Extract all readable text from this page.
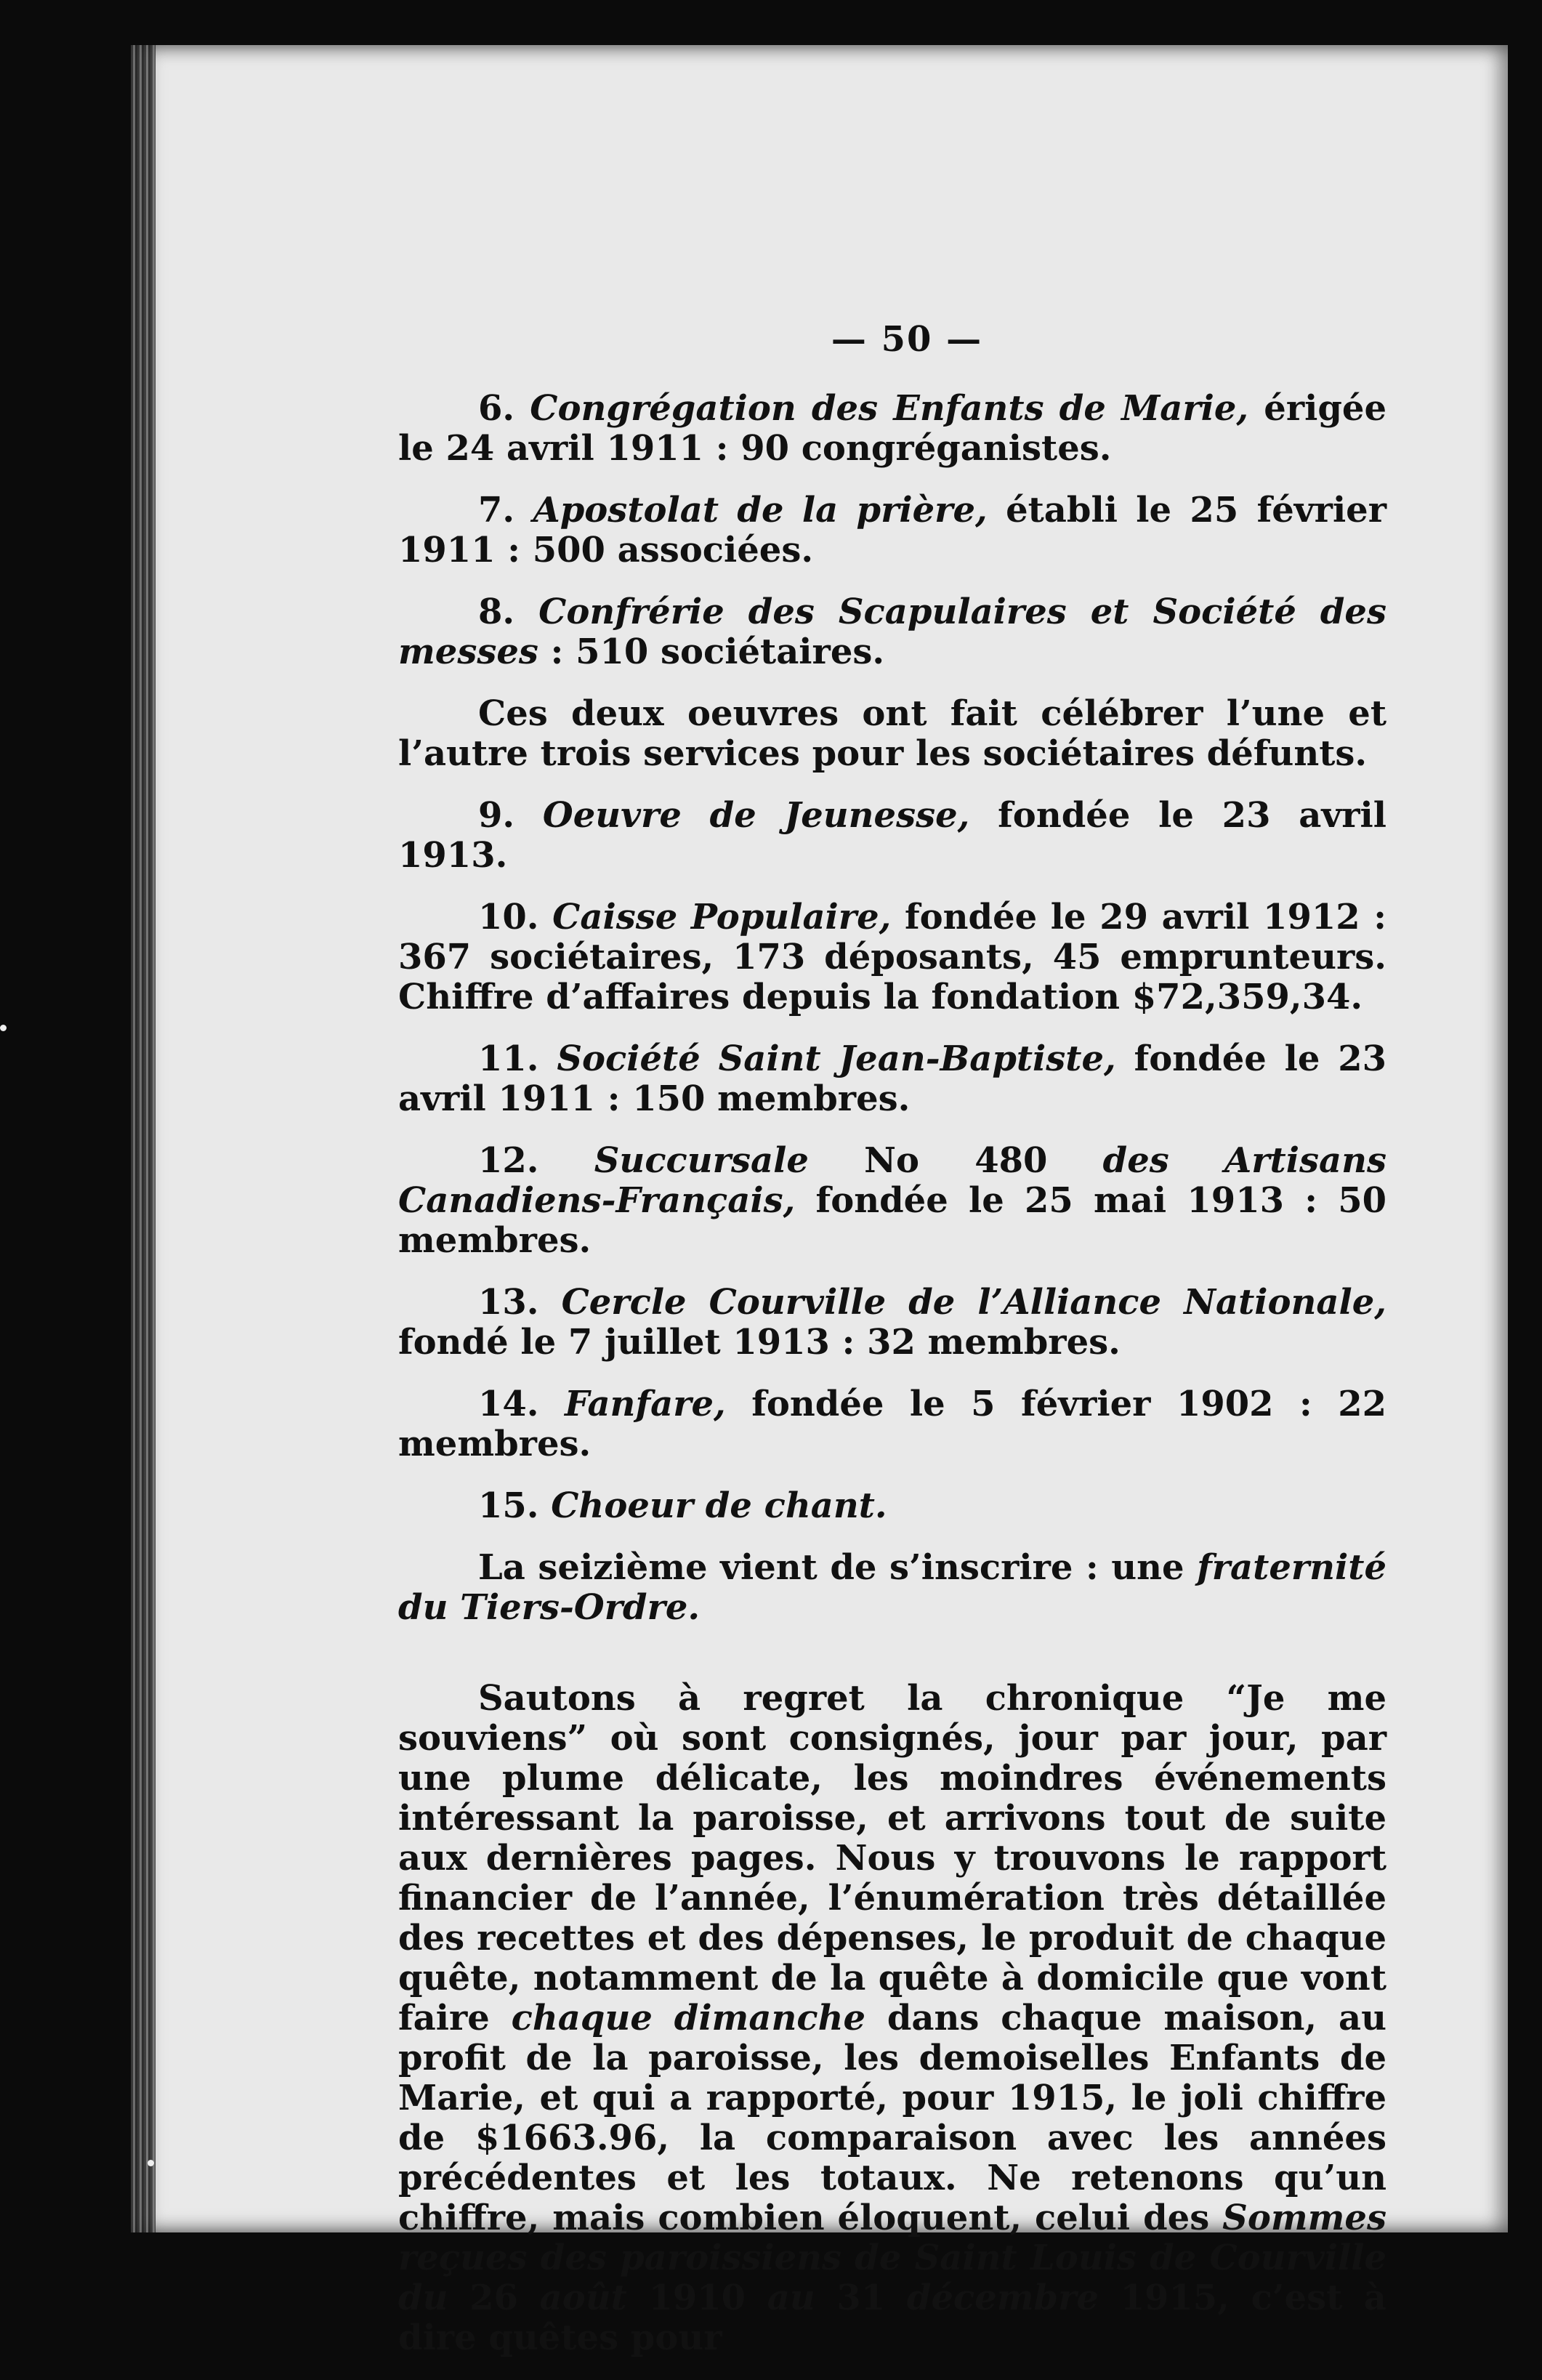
— 50 —

6. Congrégation des Enfants de Marie, érigée le 24 avril 1911 : 90 congréganistes.

7. Apostolat de la prière, établi le 25 février 1911 : 500 associées.

8. Confrérie des Scapulaires et Société des messes : 510 sociétaires.

Ces deux oeuvres ont fait célébrer l’une et l’autre trois services pour les sociétaires défunts.

9. Oeuvre de Jeunesse, fondée le 23 avril 1913.

10. Caisse Populaire, fondée le 29 avril 1912 : 367 sociétaires, 173 déposants, 45 emprunteurs. Chiffre d’affaires depuis la fondation $72,359,34.

11. Société Saint Jean-Baptiste, fondée le 23 avril 1911 : 150 membres.

12. Succursale No 480 des Artisans Canadiens-Français, fondée le 25 mai 1913 : 50 membres.

13. Cercle Courville de l’Alliance Nationale, fondé le 7 juillet 1913 : 32 membres.

14. Fanfare, fondée le 5 février 1902 : 22 membres.

15. Choeur de chant.

La seizième vient de s’inscrire : une fraternité du Tiers-Ordre.

Sautons à regret la chronique “Je me souviens” où sont consignés, jour par jour, par une plume délicate, les moindres événements intéressant la paroisse, et arrivons tout de suite aux dernières pages. Nous y trouvons le rapport financier de l’année, l’énumération très détaillée des recettes et des dépenses, le produit de chaque quête, notamment de la quête à domicile que vont faire chaque dimanche dans chaque maison, au profit de la paroisse, les demoiselles Enfants de Marie, et qui a rapporté, pour 1915, le joli chiffre de $1663.96, la comparaison avec les années précédentes et les totaux. Ne retenons qu’un chiffre, mais combien éloquent, celui des Sommes reçues des paroissiens de Saint Louis de Courville du 26 août 1910 au 31 décembre 1915, c’est à dire quêtes pour
